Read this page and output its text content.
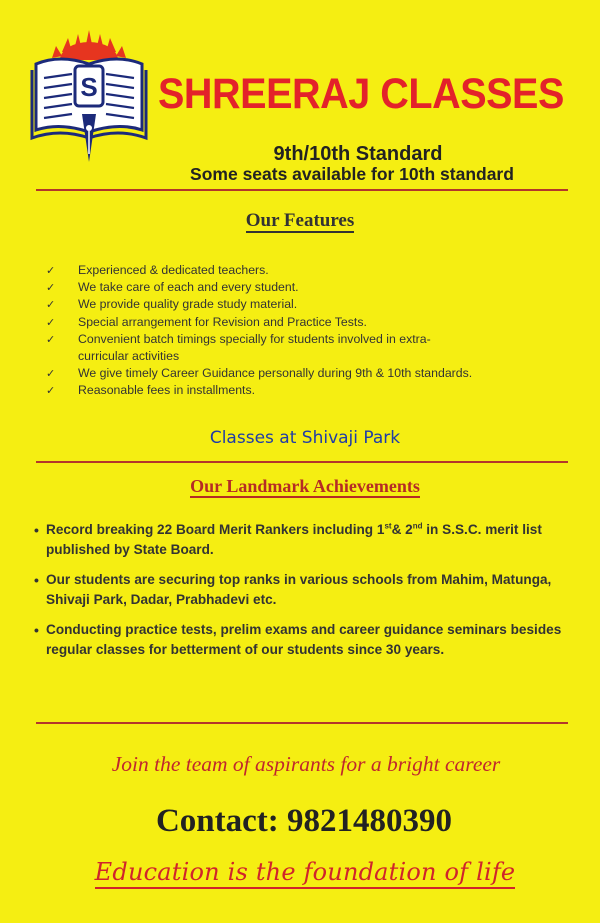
S SHREERAJ CLASSES
9th/10th Standard
Some seats available for 10th standard
Our Features
✓	Experienced & dedicated teachers.
✓	We take care of each and every student.
✓	We provide quality grade study material.
✓	Special arrangement for Revision and Practice Tests.
✓	Convenient batch timings specially for students involved in extra-curricular activities
✓	We give timely Career Guidance personally during 9th & 10th standards.
✓	Reasonable fees in installments.
Classes at Shivaji Park
Our Landmark Achievements
• Record breaking 22 Board Merit Rankers including 1st& 2nd in S.S.C. merit list published by State Board.
• Our students are securing top ranks in various schools from Mahim, Matunga, Shivaji Park, Dadar, Prabhadevi etc.
• Conducting practice tests, prelim exams and career guidance seminars besides regular classes for betterment of our students since 30 years.
Join the team of aspirants for a bright career
Contact: 9821480390
Education is the foundation of life
